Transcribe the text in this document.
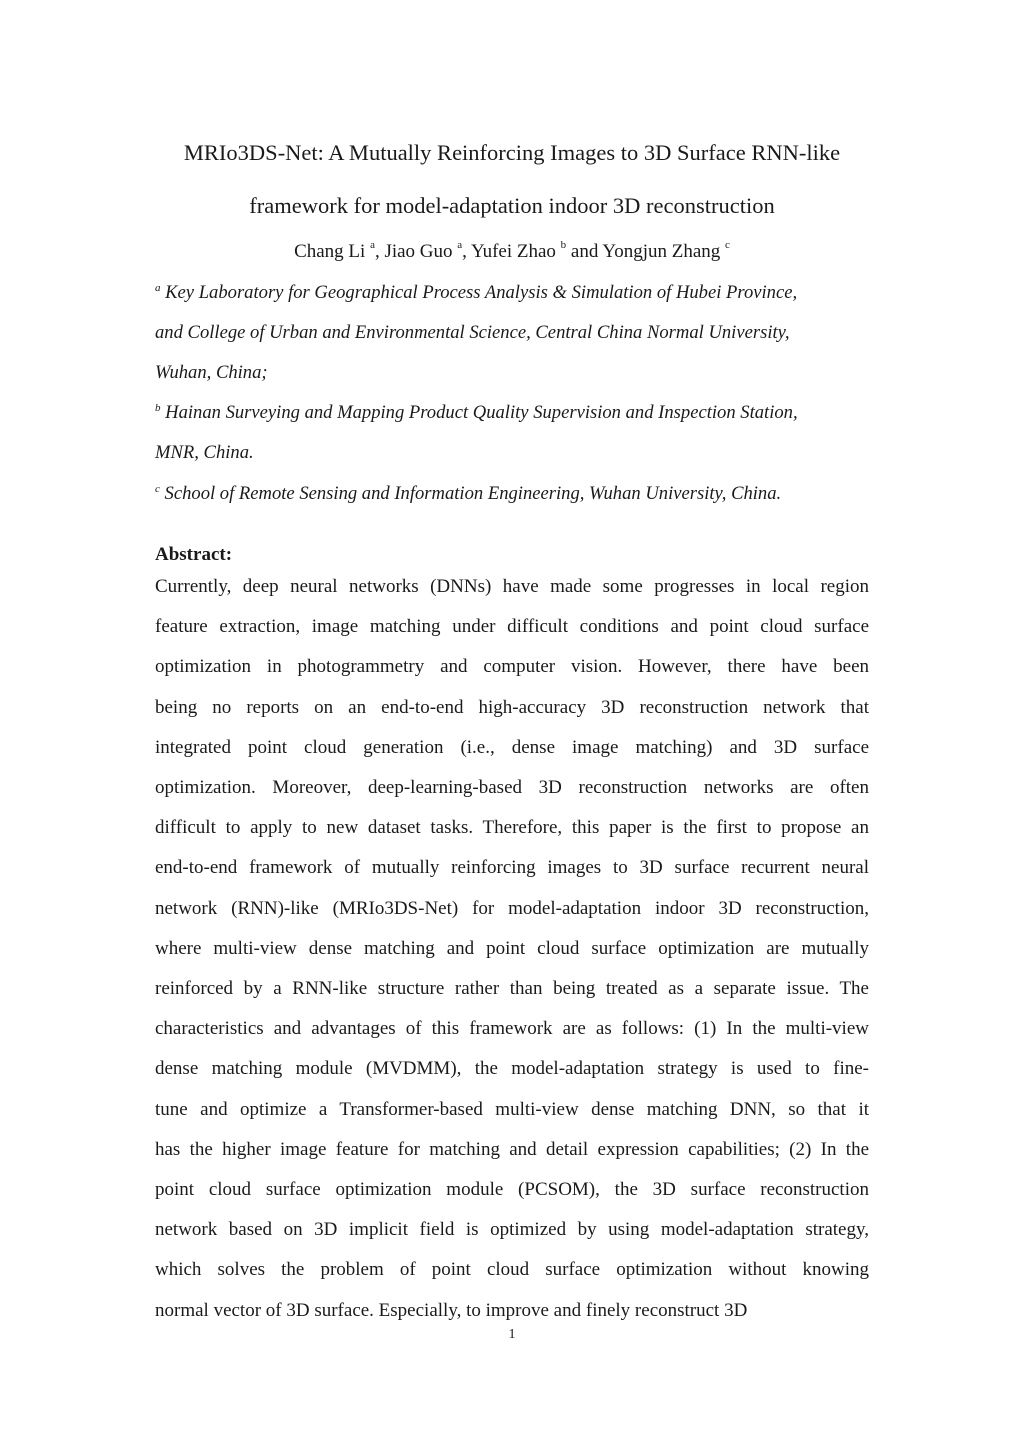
MRIo3DS-Net: A Mutually Reinforcing Images to 3D Surface RNN-like
framework for model-adaptation indoor 3D reconstruction
Chang Li $^a$, Jiao Guo $^a$, Yufei Zhao $^b$ and Yongjun Zhang $^c$
$^a$ Key Laboratory for Geographical Process Analysis & Simulation of Hubei Province,
and College of Urban and Environmental Science, Central China Normal University,
Wuhan, China;
$^b$ Hainan Surveying and Mapping Product Quality Supervision and Inspection Station,
MNR, China.
$^c$ School of Remote Sensing and Information Engineering, Wuhan University, China.
Abstract:
Currently, deep neural networks (DNNs) have made some progresses in local region
feature extraction, image matching under difficult conditions and point cloud surface
optimization in photogrammetry and computer vision. However, there have been
being no reports on an end-to-end high-accuracy 3D reconstruction network that
integrated point cloud generation (i.e., dense image matching) and 3D surface
optimization. Moreover, deep-learning-based 3D reconstruction networks are often
difficult to apply to new dataset tasks. Therefore, this paper is the first to propose an
end-to-end framework of mutually reinforcing images to 3D surface recurrent neural
network (RNN)-like (MRIo3DS-Net) for model-adaptation indoor 3D reconstruction,
where multi-view dense matching and point cloud surface optimization are mutually
reinforced by a RNN-like structure rather than being treated as a separate issue. The
characteristics and advantages of this framework are as follows: (1) In the multi-view
dense matching module (MVDMM), the model-adaptation strategy is used to fine-
tune and optimize a Transformer-based multi-view dense matching DNN, so that it
has the higher image feature for matching and detail expression capabilities; (2) In the
point cloud surface optimization module (PCSOM), the 3D surface reconstruction
network based on 3D implicit field is optimized by using model-adaptation strategy,
which solves the problem of point cloud surface optimization without knowing
normal vector of 3D surface. Especially, to improve and finely reconstruct 3D
1
